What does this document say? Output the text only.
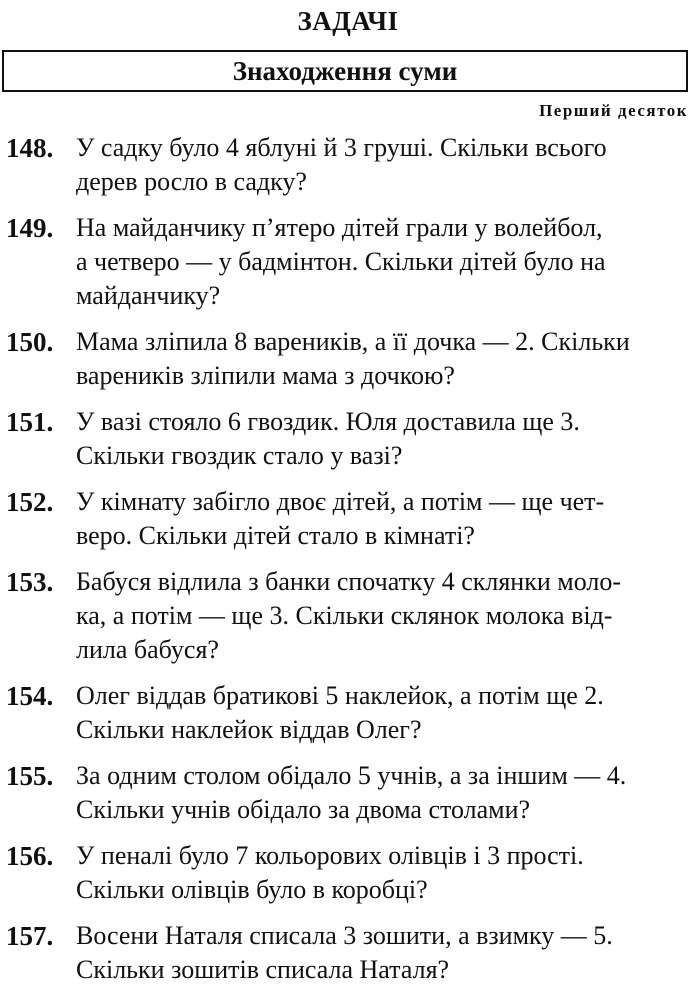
ЗАДАЧІ
Знаходження суми
Перший десяток
148. У садку було 4 яблуні й 3 груші. Скільки всього
дерев росло в садку?
149. На майданчику п’ятеро дітей грали у волейбол,
а четверо — у бадмінтон. Скільки дітей було на
майданчику?
150. Мама зліпила 8 вареників, а її дочка — 2. Скільки
вареників зліпили мама з дочкою?
151. У вазі стояло 6 гвоздик. Юля доставила ще 3.
Скільки гвоздик стало у вазі?
152. У кімнату забігло двоє дітей, а потім — ще чет-
веро. Скільки дітей стало в кімнаті?
153. Бабуся відлила з банки спочатку 4 склянки моло-
ка, а потім — ще 3. Скільки склянок молока від-
лила бабуся?
154. Олег віддав братикові 5 наклейок, а потім ще 2.
Скільки наклейок віддав Олег?
155. За одним столом обідало 5 учнів, а за іншим — 4.
Скільки учнів обідало за двома столами?
156. У пеналі було 7 кольорових олівців і 3 прості.
Скільки олівців було в коробці?
157. Восени Наталя списала 3 зошити, а взимку — 5.
Скільки зошитів списала Наталя?
